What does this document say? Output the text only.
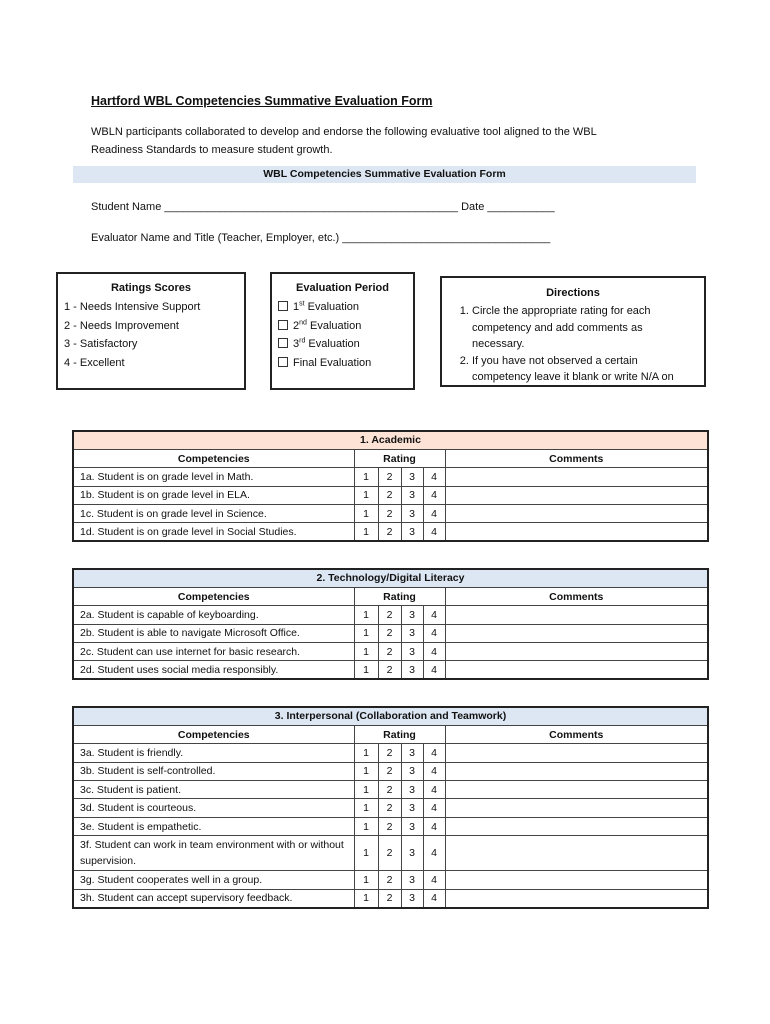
Hartford WBL Competencies Summative Evaluation Form
WBLN participants collaborated to develop and endorse the following evaluative tool aligned to the WBL Readiness Standards to measure student growth.
WBL Competencies Summative Evaluation Form
Student Name ________________________________________________ Date ___________
Evaluator Name and Title (Teacher, Employer, etc.) __________________________________
Ratings Scores
1 - Needs Intensive Support
2 - Needs Improvement
3 - Satisfactory
4 - Excellent
Evaluation Period
1st Evaluation
2nd Evaluation
3rd Evaluation
Final Evaluation
Directions
1. Circle the appropriate rating for each competency and add comments as necessary.
2. If you have not observed a certain competency leave it blank or write N/A on
1. Academic					
Competencies	Rating				Comments
1a. Student is on grade level in Math.	1	2	3	4	
1b. Student is on grade level in ELA.	1	2	3	4	
1c. Student is on grade level in Science.	1	2	3	4	
1d. Student is on grade level in Social Studies.	1	2	3	4	
2. Technology/Digital Literacy					
Competencies	Rating				Comments
2a. Student is capable of keyboarding.	1	2	3	4	
2b. Student is able to navigate Microsoft Office.	1	2	3	4	
2c. Student can use internet for basic research.	1	2	3	4	
2d. Student uses social media responsibly.	1	2	3	4	
3. Interpersonal (Collaboration and Teamwork)					
Competencies	Rating				Comments
3a. Student is friendly.	1	2	3	4	
3b. Student is self-controlled.	1	2	3	4	
3c. Student is patient.	1	2	3	4	
3d. Student is courteous.	1	2	3	4	
3e. Student is empathetic.	1	2	3	4	
3f. Student can work in team environment with or without supervision.	1	2	3	4	
3g. Student cooperates well in a group.	1	2	3	4	
3h. Student can accept supervisory feedback.	1	2	3	4	
